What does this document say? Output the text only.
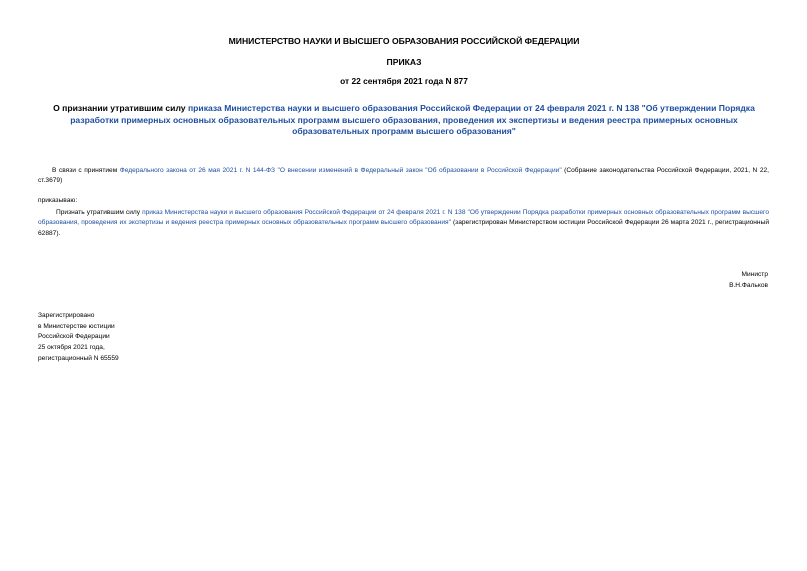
МИНИСТЕРСТВО НАУКИ И ВЫСШЕГО ОБРАЗОВАНИЯ РОССИЙСКОЙ ФЕДЕРАЦИИ
ПРИКАЗ
от 22 сентября 2021 года N 877
О признании утратившим силу приказа Министерства науки и высшего образования Российской Федерации от 24 февраля 2021 г. N 138 "Об утверждении Порядка разработки примерных основных образовательных программ высшего образования, проведения их экспертизы и ведения реестра примерных основных образовательных программ высшего образования"
В связи с принятием Федерального закона от 26 мая 2021 г. N 144-ФЗ "О внесении изменений в Федеральный закон "Об образовании в Российской Федерации" (Собрание законодательства Российской Федерации, 2021, N 22, ст.3679)
приказываю:
Признать утратившим силу приказ Министерства науки и высшего образования Российской Федерации от 24 февраля 2021 г. N 138 "Об утверждении Порядка разработки примерных основных образовательных программ высшего образования, проведения их экспертизы и ведения реестра примерных основных образовательных программ высшего образования" (зарегистрирован Министерством юстиции Российской Федерации 26 марта 2021 г., регистрационный 62887).
Министр
В.Н.Фальков
Зарегистрировано
в Министерстве юстиции
Российской Федерации
25 октября 2021 года,
регистрационный N 65559
